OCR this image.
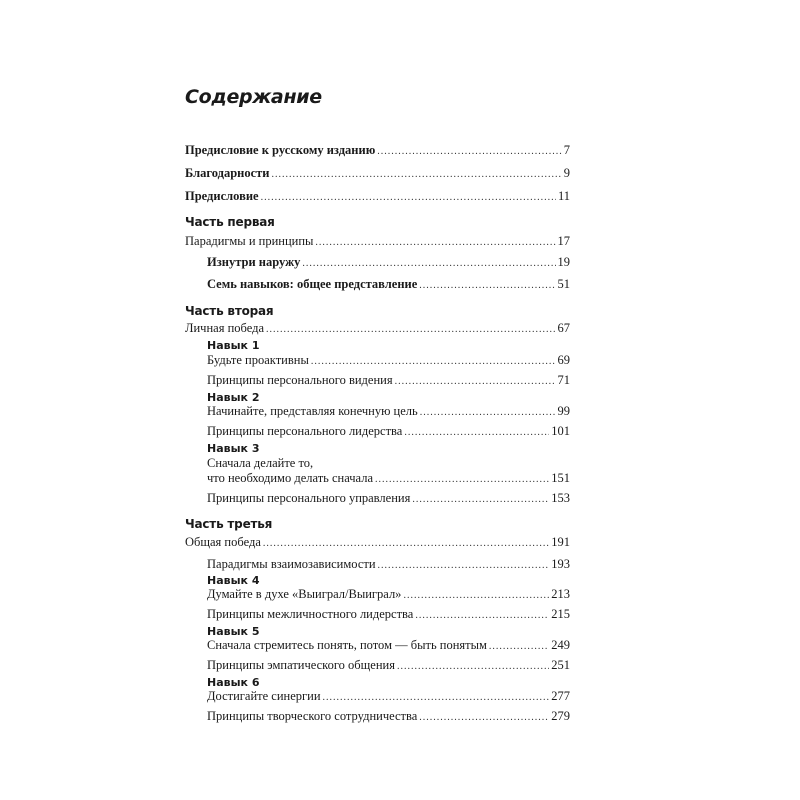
Содержание
Предисловие к русскому изданию .....	7
Благодарности .....	9
Предисловие .....	11
Часть первая
Парадигмы и принципы .....	17
Изнутри наружу .....	19
Семь навыков: общее представление .....	51
Часть вторая
Личная победа .....	67
Навык 1
Будьте проактивны .....	69
Принципы персонального видения .....	71
Навык 2
Начинайте, представляя конечную цель .....	99
Принципы персонального лидерства .....	101
Навык 3
Сначала делайте то,
что необходимо делать сначала .....	151
Принципы персонального управления .....	153
Часть третья
Общая победа .....	191
Парадигмы взаимозависимости .....	193
Навык 4
Думайте в духе «Выиграл/Выиграл» .....	213
Принципы межличностного лидерства .....	215
Навык 5
Сначала стремитесь понять, потом — быть понятым .....	249
Принципы эмпатического общения .....	251
Навык 6
Достигайте синергии .....	277
Принципы творческого сотрудничества .....	279
